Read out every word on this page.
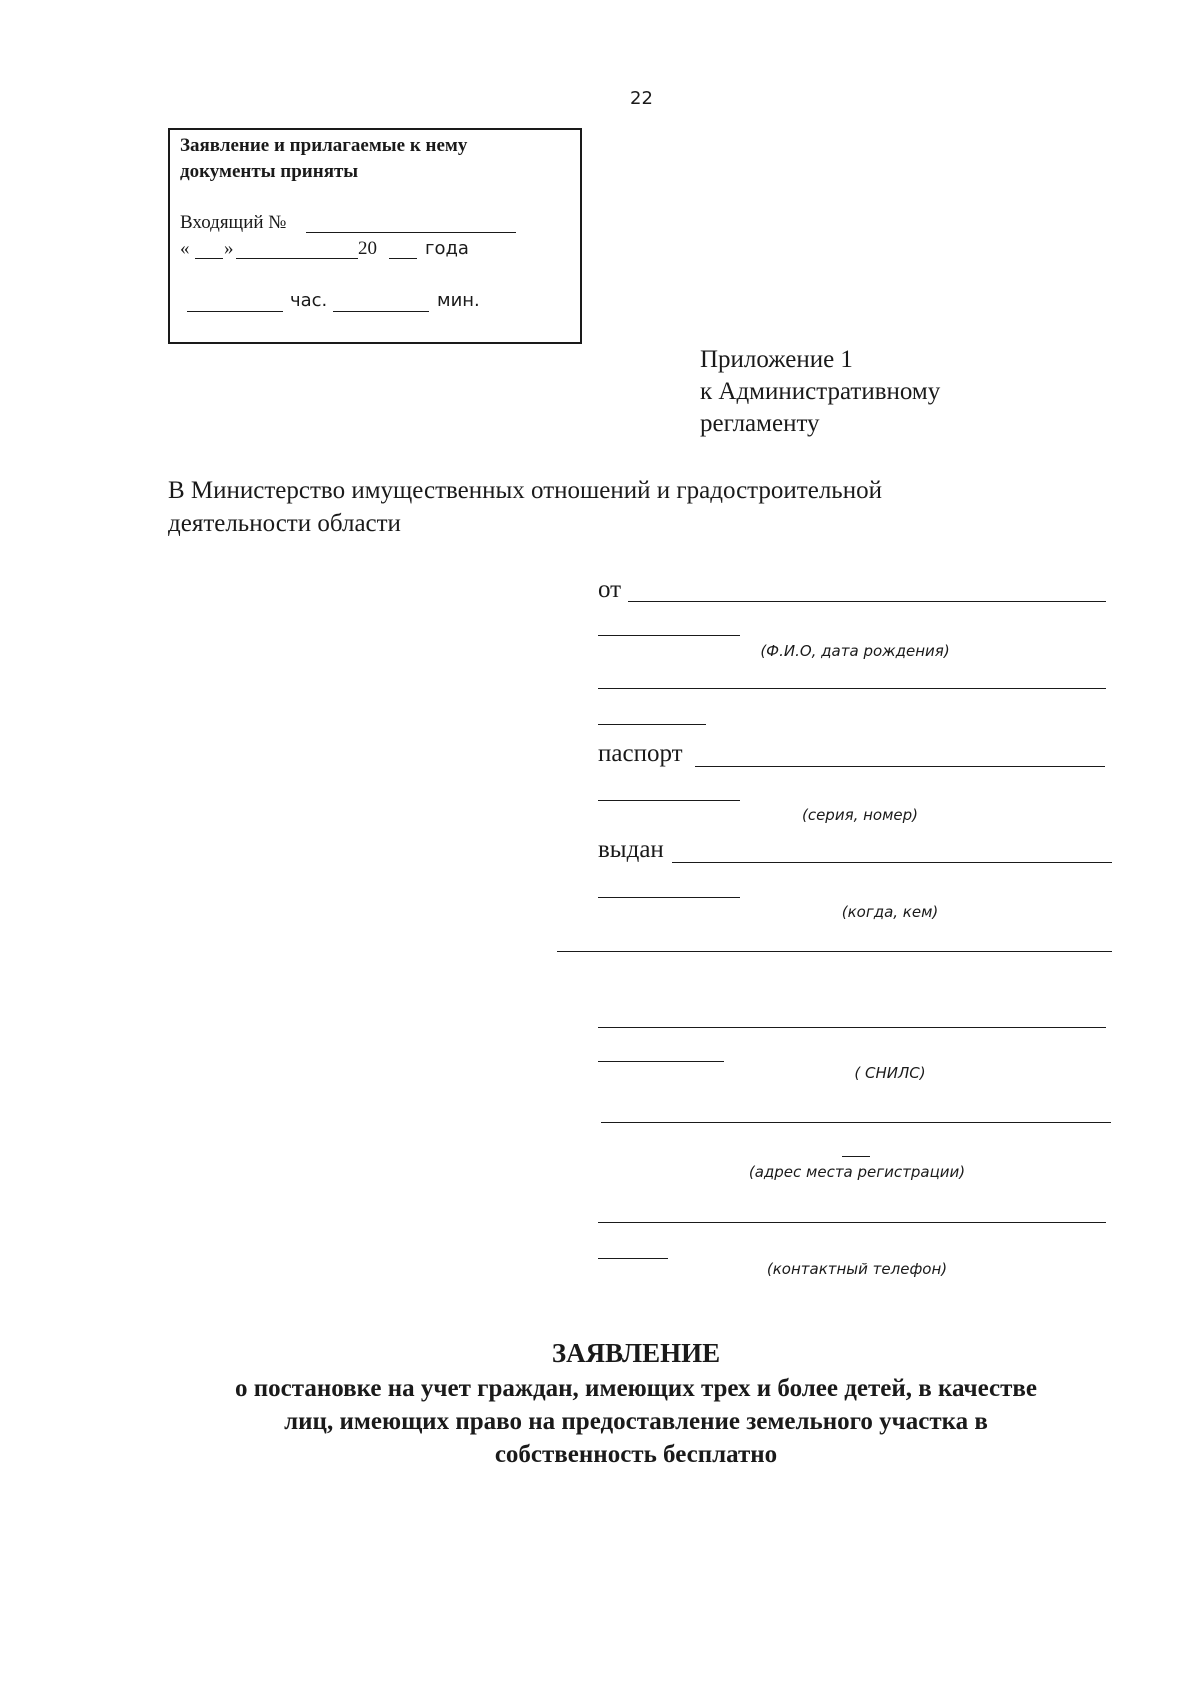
22
Заявление и прилагаемые к нему
документы приняты
Входящий №
« »	20	года
час.	мин.
Приложение 1
к Административному
регламенту
В Министерство имущественных отношений и градостроительной
деятельности области
от
(Ф.И.О, дата рождения)
паспорт
(серия, номер)
выдан
(когда, кем)
( СНИЛС)
(адрес места регистрации)
(контактный телефон)
ЗАЯВЛЕНИЕ
о постановке на учет граждан, имеющих трех и более детей, в качестве
лиц, имеющих право на предоставление земельного участка в
собственность бесплатно
